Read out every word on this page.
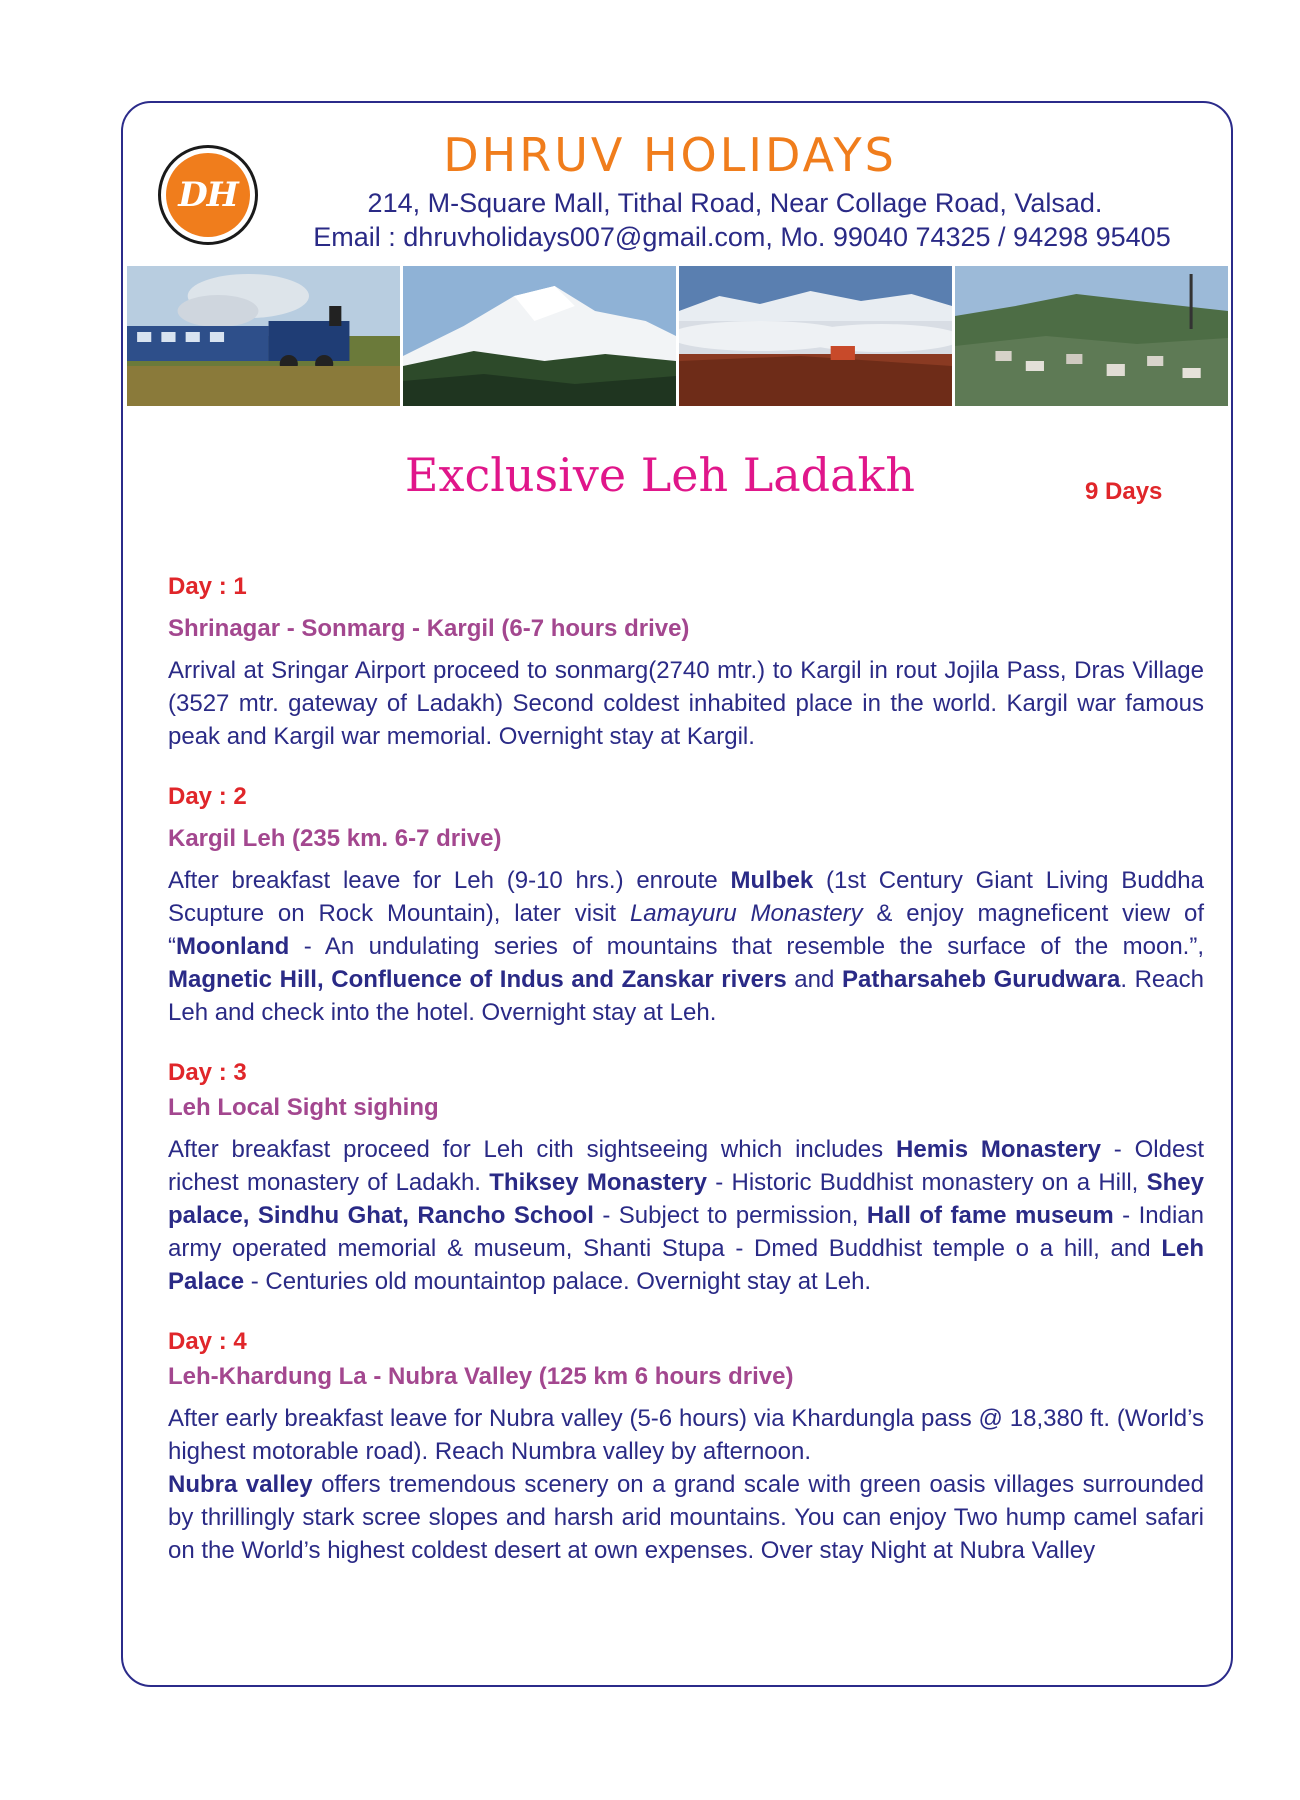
DH
DHRUV HOLIDAYS
214, M-Square Mall, Tithal Road, Near Collage Road, Valsad.
Email : dhruvholidays007@gmail.com, Mo. 99040 74325 / 94298 95405
Exclusive Leh Ladakh	9 Days

Day : 1

Shrinagar - Sonmarg - Kargil (6-7 hours drive)

Arrival at Sringar Airport proceed to sonmarg(2740 mtr.) to Kargil in rout Jojila Pass, Dras Village (3527 mtr. gateway of Ladakh) Second coldest inhabited place in the world. Kargil war famous peak and Kargil war memorial. Overnight stay at Kargil.

Day : 2

Kargil Leh (235 km. 6-7 drive)

After breakfast leave for Leh (9-10 hrs.) enroute Mulbek (1st Century Giant Living Buddha Scupture on Rock Mountain), later visit Lamayuru Monastery & enjoy magneficent view of “Moonland - An undulating series of mountains that resemble the surface of the moon.”, Magnetic Hill, Confluence of Indus and Zanskar rivers and Patharsaheb Gurudwara. Reach Leh and check into the hotel. Overnight stay at Leh.

Day : 3

Leh Local Sight sighing

After breakfast proceed for Leh cith sightseeing which includes Hemis Monastery - Oldest richest monastery of Ladakh. Thiksey Monastery - Historic Buddhist monastery on a Hill, Shey palace, Sindhu Ghat, Rancho School - Subject to permission, Hall of fame museum - Indian army operated memorial & museum, Shanti Stupa - Dmed Buddhist temple o a hill, and Leh Palace - Centuries old mountaintop palace. Overnight stay at Leh.

Day : 4

Leh-Khardung La - Nubra Valley (125 km 6 hours drive)

After early breakfast leave for Nubra valley (5-6 hours) via Khardungla pass @ 18,380 ft. (World’s highest motorable road). Reach Numbra valley by afternoon.

Nubra valley offers tremendous scenery on a grand scale with green oasis villages surrounded by thrillingly stark scree slopes and harsh arid mountains. You can enjoy Two hump camel safari on the World’s highest coldest desert at own expenses. Over stay Night at Nubra Valley
